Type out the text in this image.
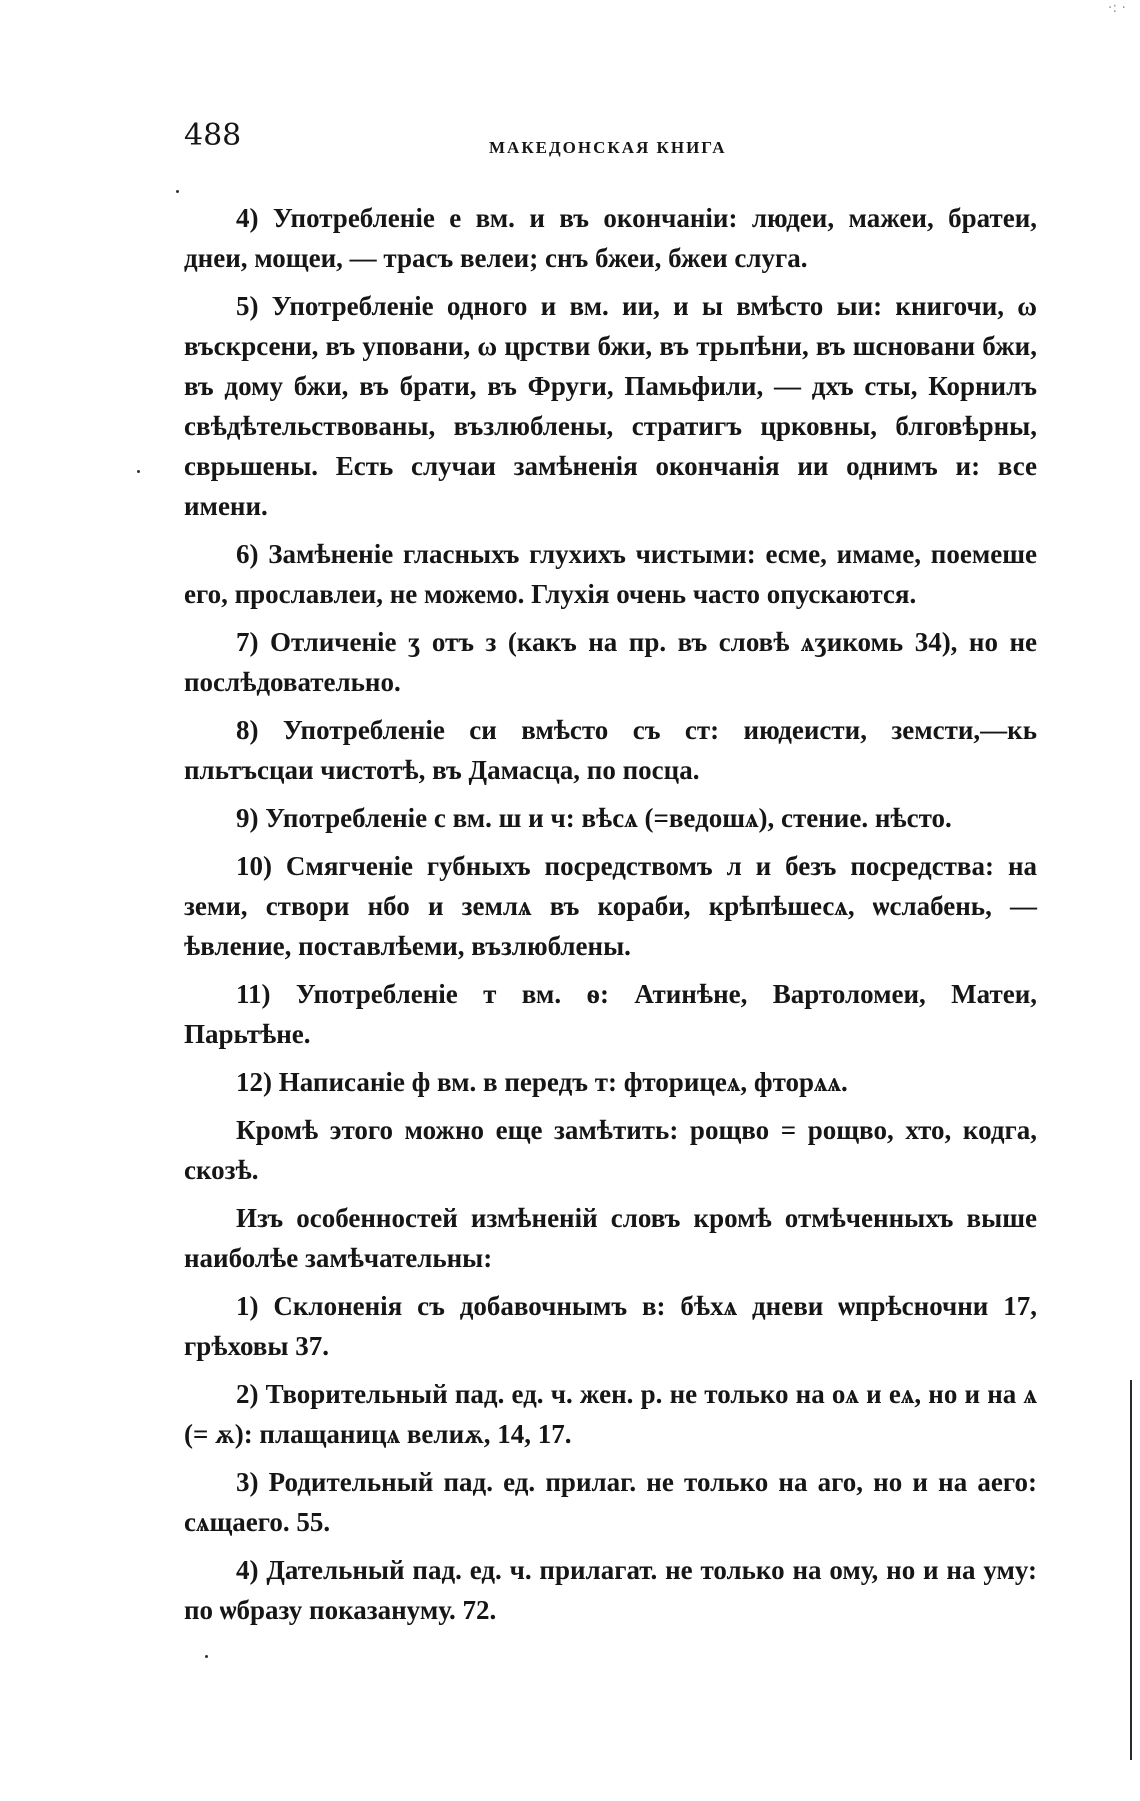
·: ·
488	МАКЕДОНСКАЯ КНИГА

4) Употребленіе е вм. и въ окончаніи: людеи, мажеи, братеи, днеи, мощеи, — трасъ велеи; снъ бжеи, бжеи слуга.

5) Употребленіе одного и вм. ии, и ы вмѣсто ыи: книгочи, ω въскрсени, въ уповани, ω црстви бжи, въ трьпѣни, въ шсновани бжи, въ дому бжи, въ брати, въ Фруги, Памьфили, — дхъ сты, Корнилъ свѣдѣтельствованы, възлюблены, стратигъ црковны, блговѣрны, сврьшены. Есть случаи замѣненія окончанія ии однимъ и: все имени.

6) Замѣненіе гласныхъ глухихъ чистыми: есме, имаме, поемеше его, прославлеи, не можемо. Глухія очень часто опускаются.

7) Отличеніе ʒ отъ з (какъ на пр. въ словѣ ѧʒикомь 34), но не послѣдовательно.

8) Употребленіе си вмѣсто съ ст: июдеисти, земсти,—кь пльтъсцаи чистотѣ, въ Дамасца, по посца.

9) Употребленіе с вм. ш и ч: вѣсѧ (=ведошѧ), стение. нѣсто.

10) Смягченіе губныхъ посредствомъ л и безъ посредства: на земи, створи нбо и землѧ въ кораби, крѣпѣшесѧ, ѡслабень, — ѣвление, поставлѣеми, възлюблены.

11) Употребленіе т вм. ѳ: Атинѣне, Вартоломеи, Матеи, Парьтѣне.

12) Написаніе ф вм. в передъ т: фторицеѧ, фторѧѧ.

Кромѣ этого можно еще замѣтить: рощво = рощво, хто, кодга, скозѣ.

Изъ особенностей измѣненій словъ кромѣ отмѣченныхъ выше наиболѣе замѣчательны:

1) Склоненія съ добавочнымъ в: бѣхѧ дневи ѡпрѣсночни 17, грѣховы 37.

2) Творительный пад. ед. ч. жен. р. не только на оѧ и еѧ, но и на ѧ (= ѫ): плащаницѧ велиѫ, 14, 17.

3) Родительный пад. ед. прилаг. не только на аго, но и на аего: сѧщаего. 55.

4) Дательный пад. ед. ч. прилагат. не только на ому, но и на уму: по ѡбразу показануму. 72.
